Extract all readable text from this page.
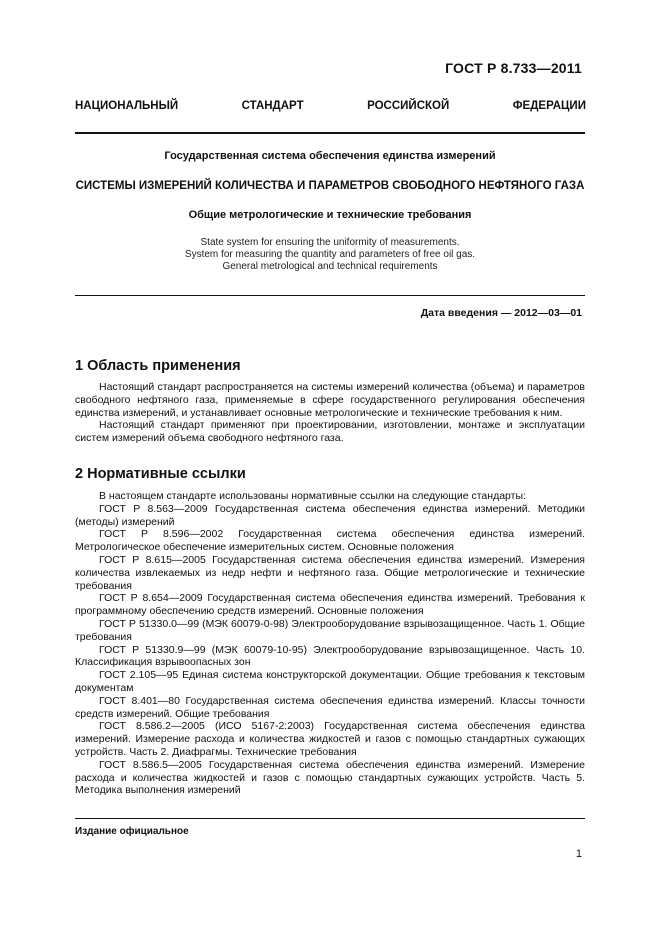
ГОСТ Р 8.733—2011
НАЦИОНАЛЬНЫЙ	СТАНДАРТ	РОССИЙСКОЙ	ФЕДЕРАЦИИ
Государственная система обеспечения единства измерений
СИСТЕМЫ ИЗМЕРЕНИЙ КОЛИЧЕСТВА И ПАРАМЕТРОВ СВОБОДНОГО НЕФТЯНОГО ГАЗА
Общие метрологические и технические требования
State system for ensuring the uniformity of measurements.
System for measuring the quantity and parameters of free oil gas.
General metrological and technical requirements
Дата введения — 2012—03—01
1 Область применения

Настоящий стандарт распространяется на системы измерений количества (объема) и параметров свободного нефтяного газа, применяемые в сфере государственного регулирования обеспечения единства измерений, и устанавливает основные метрологические и технические требования к ним.

Настоящий стандарт применяют при проектировании, изготовлении, монтаже и эксплуатации систем измерений объема свободного нефтяного газа.

2 Нормативные ссылки

В настоящем стандарте использованы нормативные ссылки на следующие стандарты:

ГОСТ Р 8.563—2009 Государственная система обеспечения единства измерений. Методики (методы) измерений

ГОСТ Р 8.596—2002 Государственная система обеспечения единства измерений. Метрологическое обеспечение измерительных систем. Основные положения

ГОСТ Р 8.615—2005 Государственная система обеспечения единства измерений. Измерения количества извлекаемых из недр нефти и нефтяного газа. Общие метрологические и технические требования

ГОСТ Р 8.654—2009 Государственная система обеспечения единства измерений. Требования к программному обеспечению средств измерений. Основные положения

ГОСТ Р 51330.0—99 (МЭК 60079-0-98) Электрооборудование взрывозащищенное. Часть 1. Общие требования

ГОСТ Р 51330.9—99 (МЭК 60079-10-95) Электрооборудование взрывозащищенное. Часть 10. Классификация взрывоопасных зон

ГОСТ 2.105—95 Единая система конструкторской документации. Общие требования к текстовым документам

ГОСТ 8.401—80 Государственная система обеспечения единства измерений. Классы точности средств измерений. Общие требования

ГОСТ 8.586.2—2005 (ИСО 5167-2:2003) Государственная система обеспечения единства измерений. Измерение расхода и количества жидкостей и газов с помощью стандартных сужающих устройств. Часть 2. Диафрагмы. Технические требования

ГОСТ 8.586.5—2005 Государственная система обеспечения единства измерений. Измерение расхода и количества жидкостей и газов с помощью стандартных сужающих устройств. Часть 5. Методика выполнения измерений

Издание официальное
1
